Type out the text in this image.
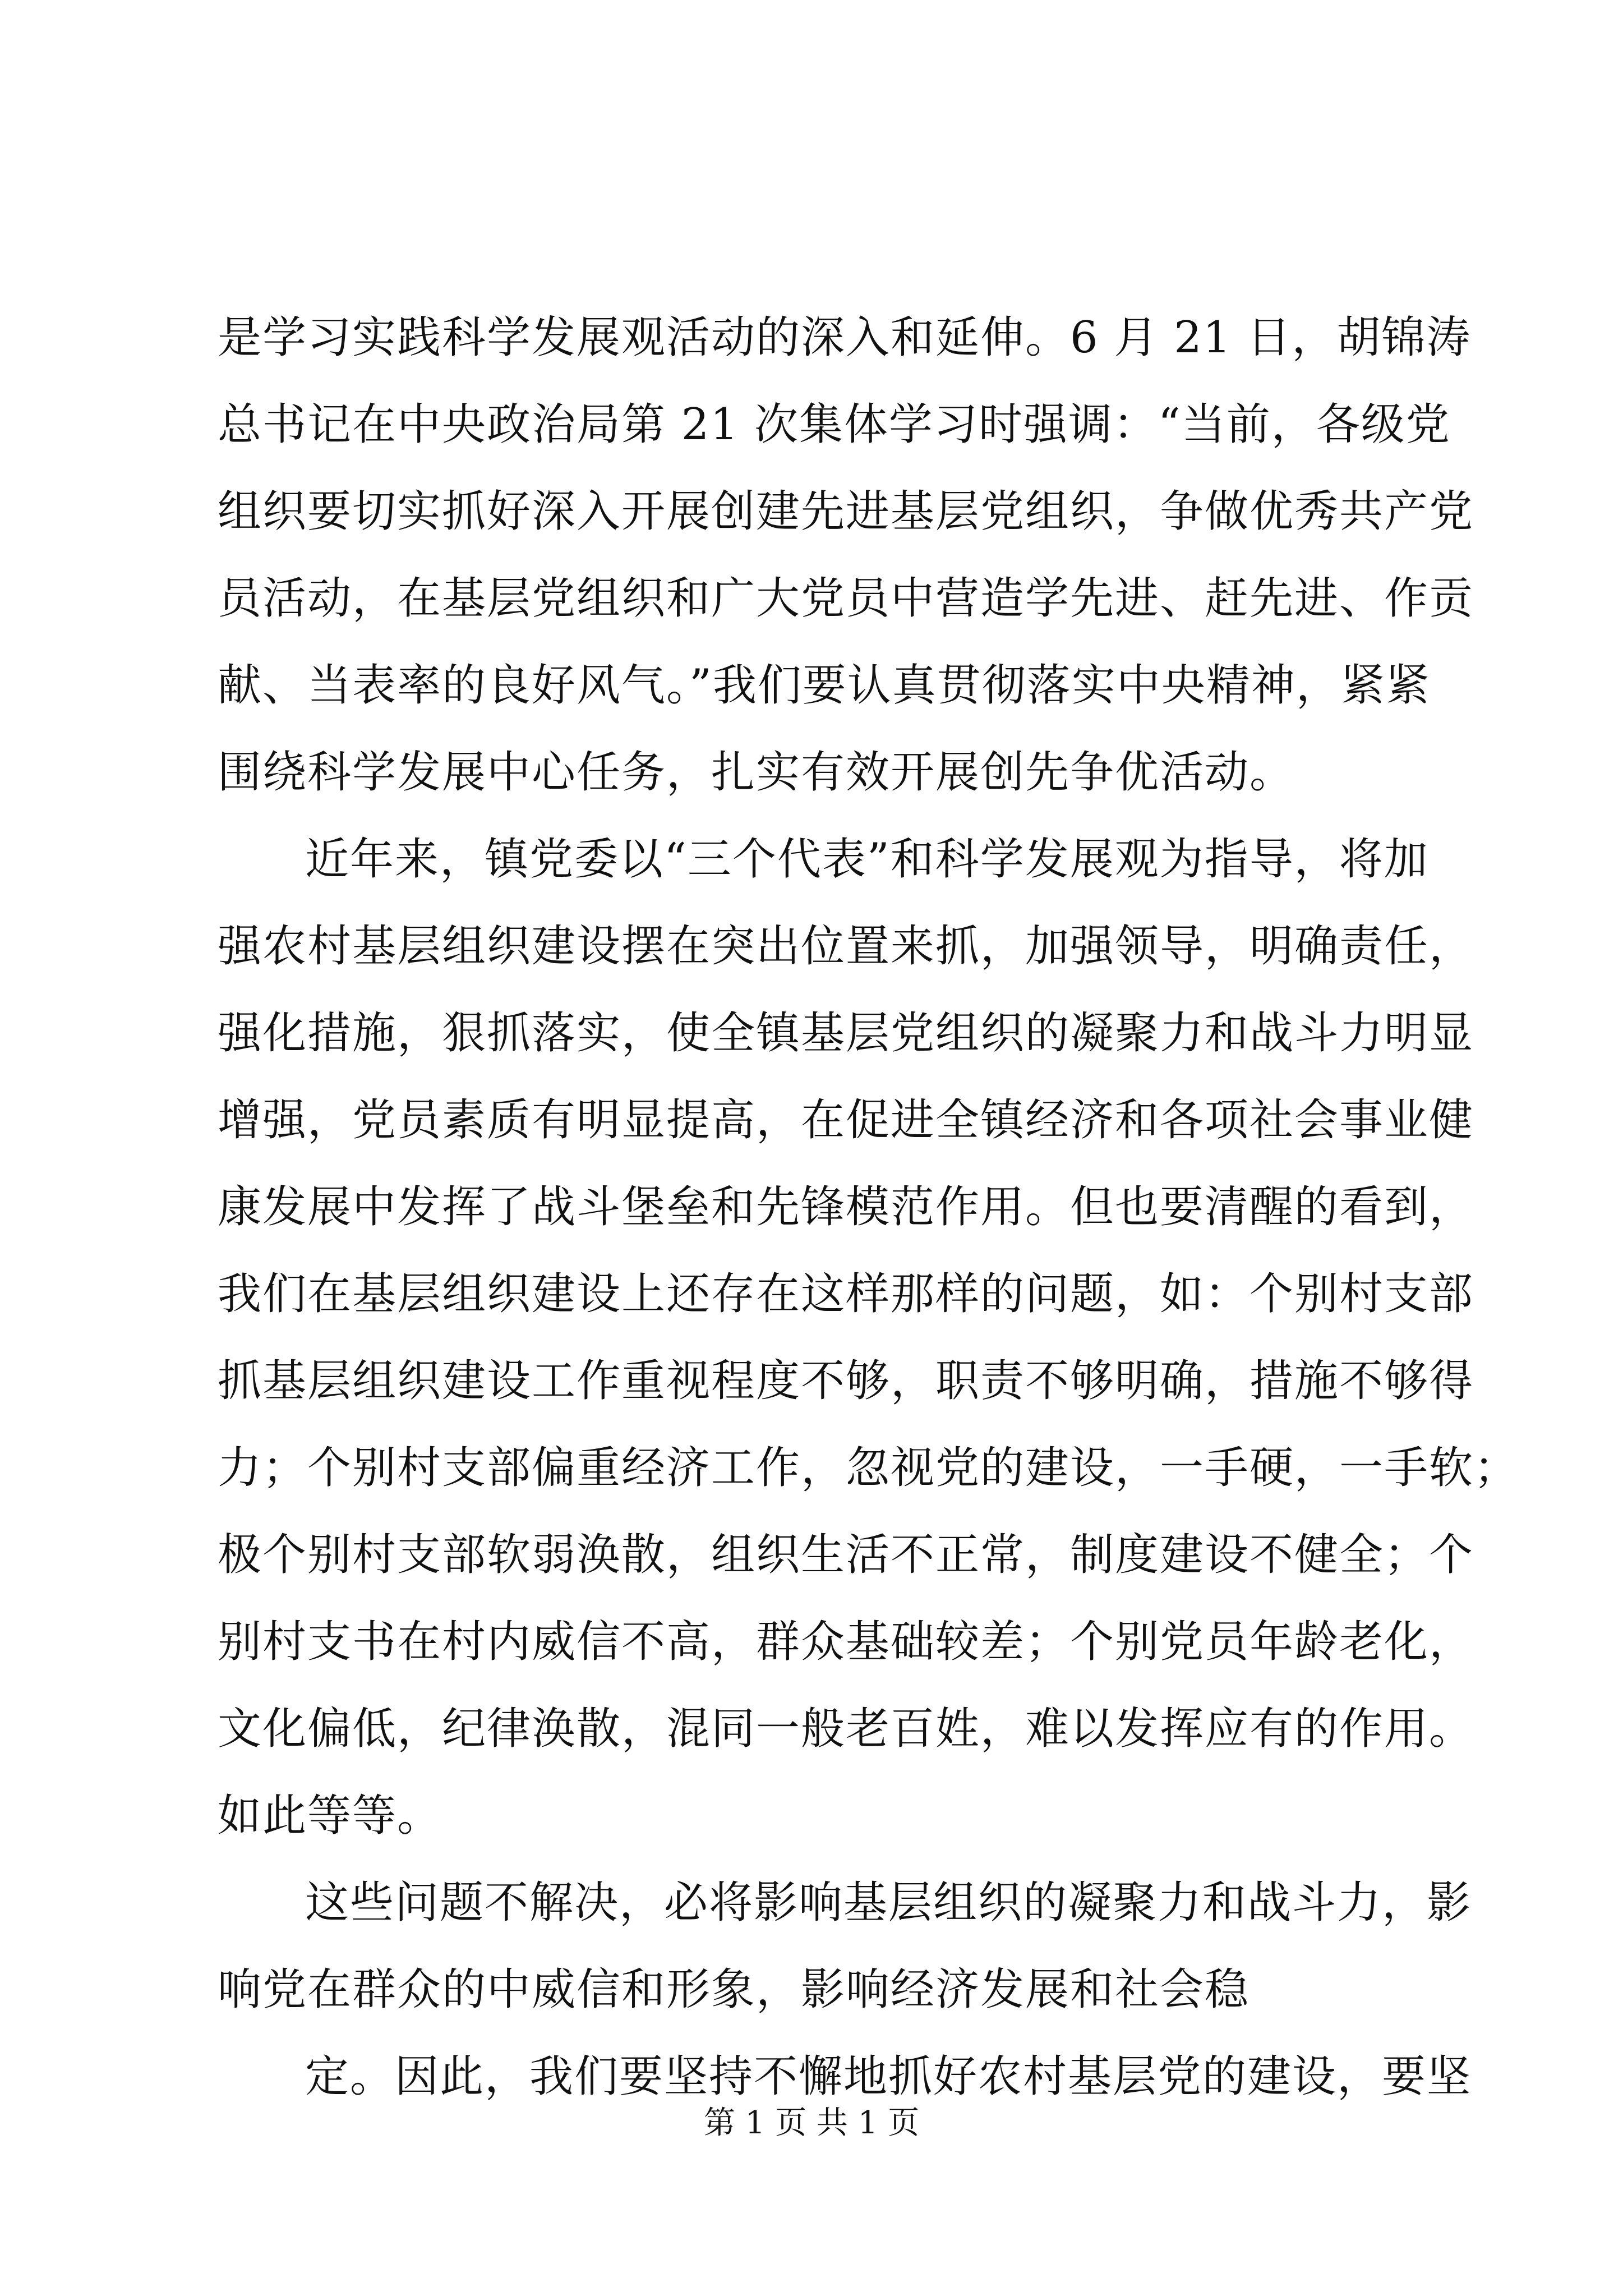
是学习实践科学发展观活动的深入和延伸。6 月 21 日，胡锦涛
总书记在中央政治局第 21 次集体学习时强调：“当前，各级党
组织要切实抓好深入开展创建先进基层党组织，争做优秀共产党
员活动，在基层党组织和广大党员中营造学先进、赶先进、作贡
献、当表率的良好风气。”我们要认真贯彻落实中央精神，紧紧
围绕科学发展中心任务，扎实有效开展创先争优活动。
近年来，镇党委以“三个代表”和科学发展观为指导，将加
强农村基层组织建设摆在突出位置来抓，加强领导，明确责任，
强化措施，狠抓落实，使全镇基层党组织的凝聚力和战斗力明显
增强，党员素质有明显提高，在促进全镇经济和各项社会事业健
康发展中发挥了战斗堡垒和先锋模范作用。但也要清醒的看到，
我们在基层组织建设上还存在这样那样的问题，如：个别村支部
抓基层组织建设工作重视程度不够，职责不够明确，措施不够得
力；个别村支部偏重经济工作，忽视党的建设，一手硬，一手软；
极个别村支部软弱涣散，组织生活不正常，制度建设不健全；个
别村支书在村内威信不高，群众基础较差；个别党员年龄老化，
文化偏低，纪律涣散，混同一般老百姓，难以发挥应有的作用。
如此等等。
这些问题不解决，必将影响基层组织的凝聚力和战斗力，影
响党在群众的中威信和形象，影响经济发展和社会稳
定。因此，我们要坚持不懈地抓好农村基层党的建设，要坚
第 1 页 共 1 页
